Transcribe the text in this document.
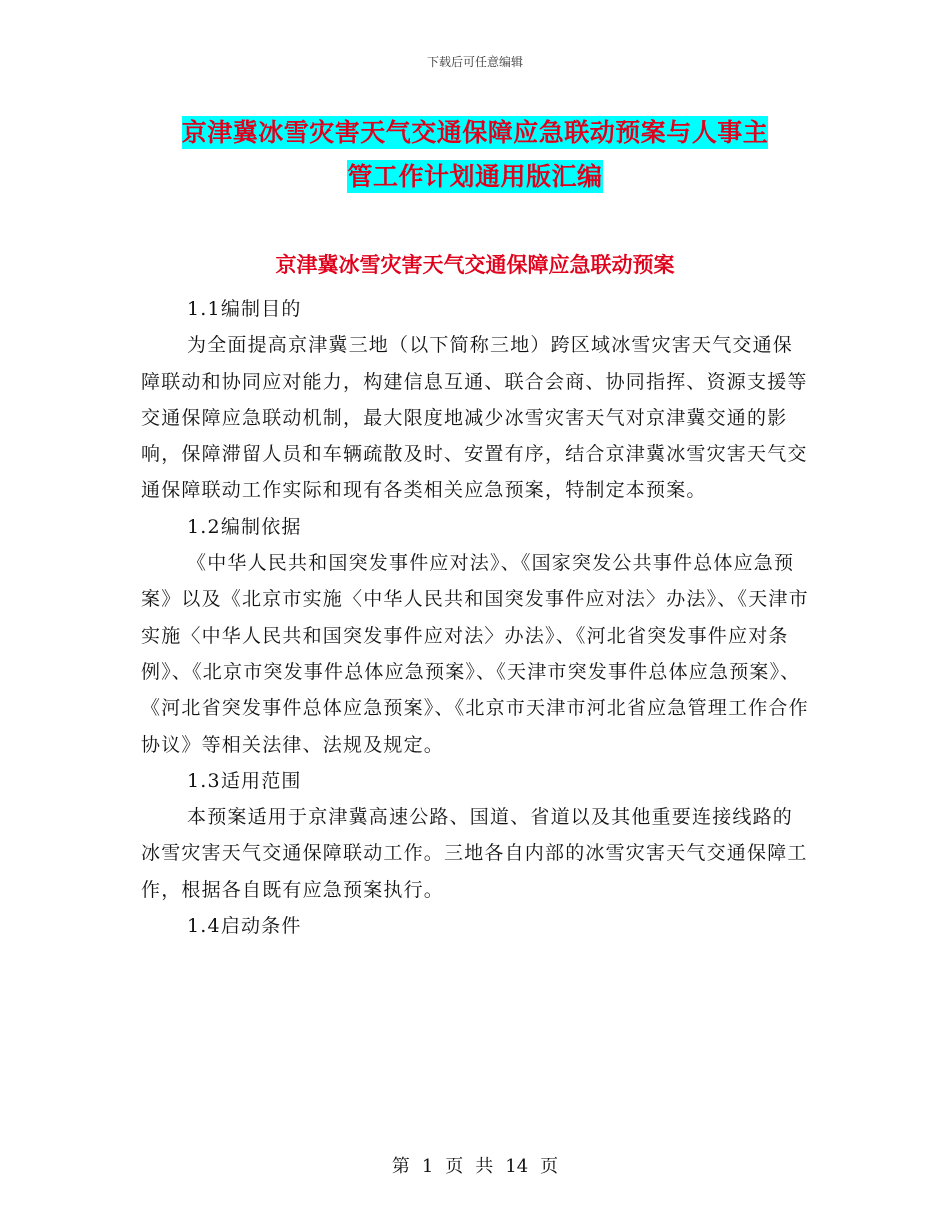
下载后可任意编辑
京津冀冰雪灾害天气交通保障应急联动预案与人事主
管工作计划通用版汇编
京津冀冰雪灾害天气交通保障应急联动预案

1.1编制目的

为全面提高京津冀三地（以下简称三地）跨区域冰雪灾害天气交通保障联动和协同应对能力，构建信息互通、联合会商、协同指挥、资源支援等交通保障应急联动机制，最大限度地减少冰雪灾害天气对京津冀交通的影响，保障滞留人员和车辆疏散及时、安置有序，结合京津冀冰雪灾害天气交通保障联动工作实际和现有各类相关应急预案，特制定本预案。

1.2编制依据

《中华人民共和国突发事件应对法》、《国家突发公共事件总体应急预案》以及《北京市实施〈中华人民共和国突发事件应对法〉办法》、《天津市实施〈中华人民共和国突发事件应对法〉办法》、《河北省突发事件应对条例》、《北京市突发事件总体应急预案》、《天津市突发事件总体应急预案》、《河北省突发事件总体应急预案》、《北京市天津市河北省应急管理工作合作协议》等相关法律、法规及规定。

1.3适用范围

本预案适用于京津冀高速公路、国道、省道以及其他重要连接线路的冰雪灾害天气交通保障联动工作。三地各自内部的冰雪灾害天气交通保障工作，根据各自既有应急预案执行。

1.4启动条件

第 1 页 共 14 页
